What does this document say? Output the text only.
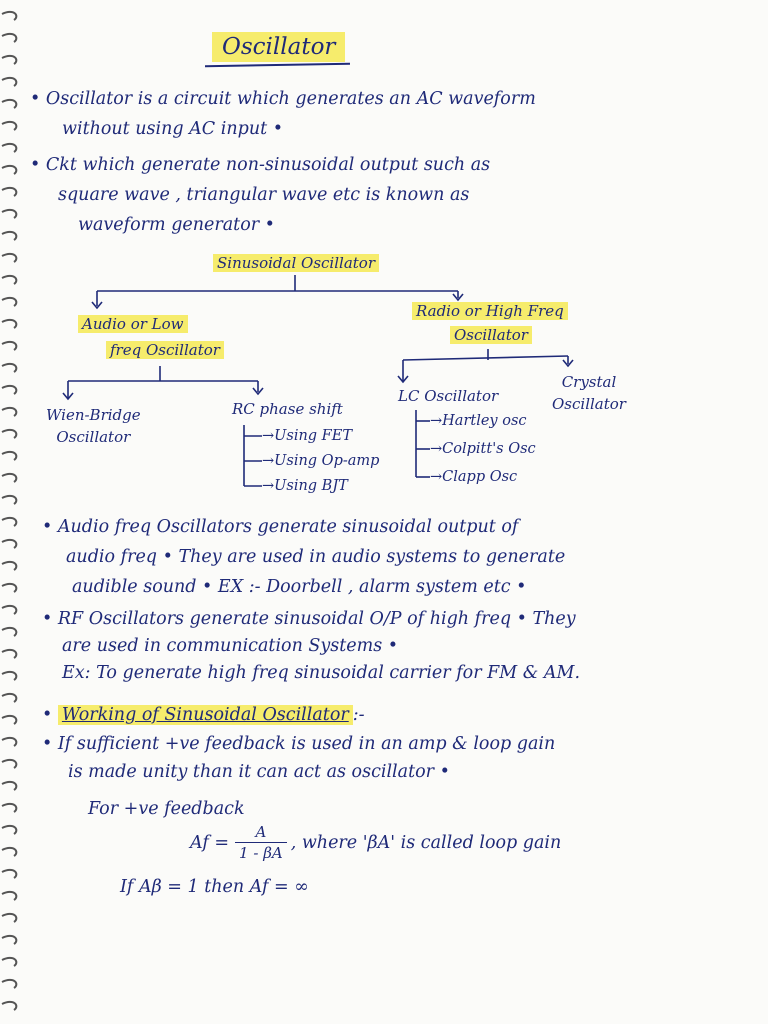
Oscillator
• Oscillator is a circuit which generates an AC waveform
without using AC input •
• Ckt which generate non-sinusoidal output such as
square wave , triangular wave etc is known as
waveform generator •
Sinusoidal Oscillator
Audio or Low
freq Oscillator
Radio or High Freq
Oscillator
Wien-Bridge
Oscillator
RC phase shift
→Using FET
→Using Op-amp
→Using BJT
LC Oscillator
→Hartley osc
→Colpitt's Osc
→Clapp Osc
Crystal
Oscillator
• Audio freq Oscillators generate sinusoidal output of
audio freq • They are used in audio systems to generate
audible sound • EX :- Doorbell , alarm system etc •
• RF Oscillators generate sinusoidal O/P of high freq • They
are used in communication Systems •
Ex: To generate high freq sinusoidal carrier for FM & AM.
• Working of Sinusoidal Oscillator :-
• If sufficient +ve feedback is used in an amp & loop gain
is made unity than it can act as oscillator •
For +ve feedback
$Af = \frac{A}{1 - \beta A}$ , where 'βA' is called loop gain
If Aβ = 1 then Af = ∞
